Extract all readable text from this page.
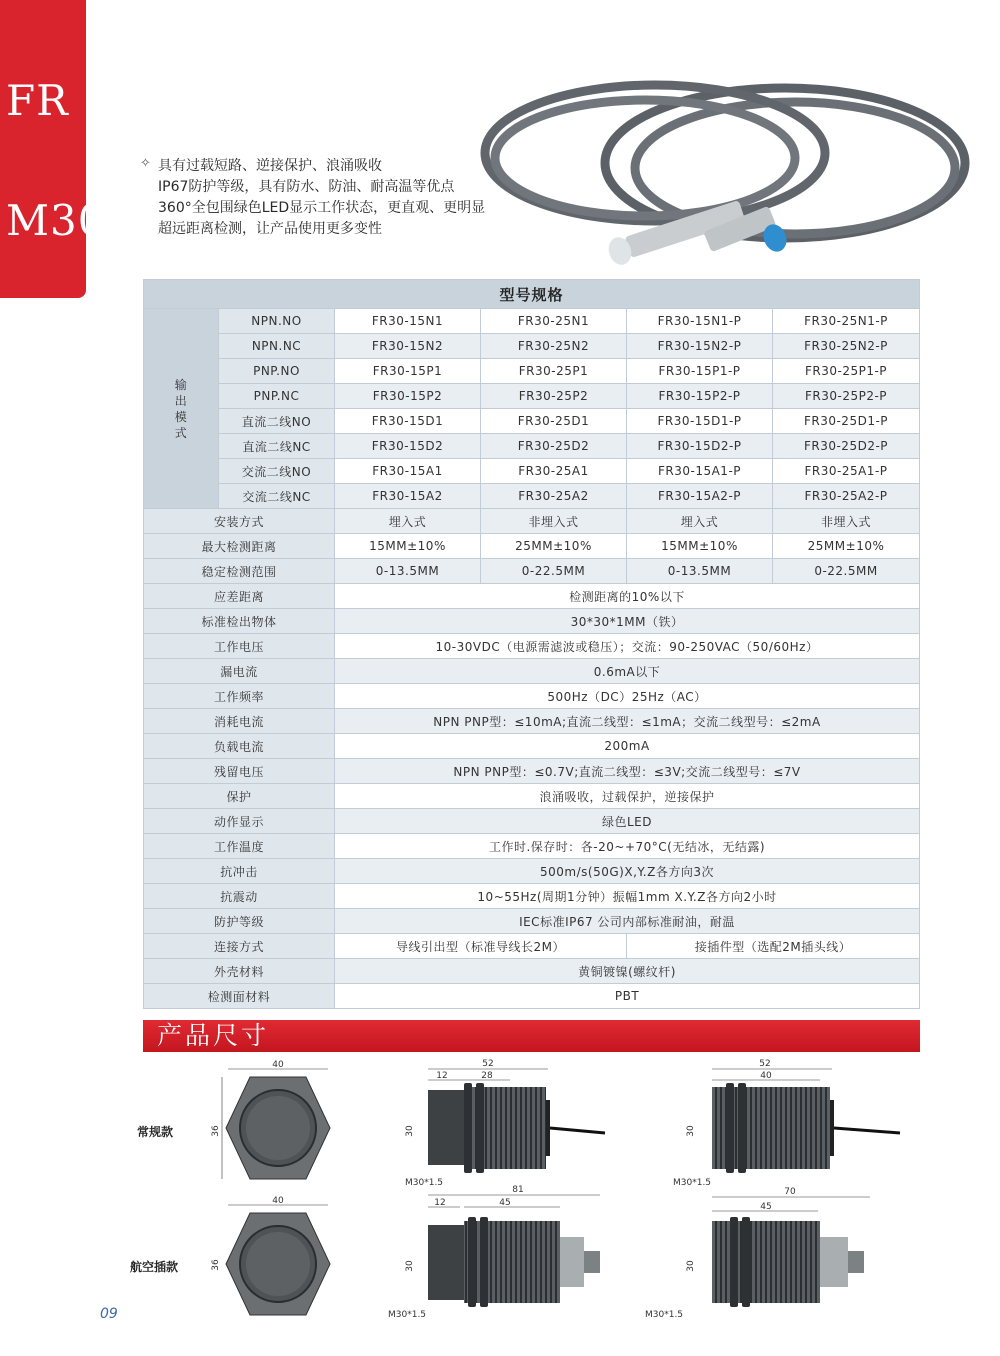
FR
M30
✧ 具有过载短路、逆接保护、浪涌吸收
IP67防护等级，具有防水、防油、耐高温等优点
360°全包围绿色LED显示工作状态，更直观、更明显
超远距离检测，让产品使用更多变性
型号规格					

输
出
模
式	NPN.NO	FR30-15N1	FR30-25N1	FR30-15N1-P	FR30-25N1-P
	NPN.NC	FR30-15N2	FR30-25N2	FR30-15N2-P	FR30-25N2-P
	PNP.NO	FR30-15P1	FR30-25P1	FR30-15P1-P	FR30-25P1-P
	PNP.NC	FR30-15P2	FR30-25P2	FR30-15P2-P	FR30-25P2-P
	直流二线NO	FR30-15D1	FR30-25D1	FR30-15D1-P	FR30-25D1-P
	直流二线NC	FR30-15D2	FR30-25D2	FR30-15D2-P	FR30-25D2-P
	交流二线NO	FR30-15A1	FR30-25A1	FR30-15A1-P	FR30-25A1-P
	交流二线NC	FR30-15A2	FR30-25A2	FR30-15A2-P	FR30-25A2-P
安装方式		埋入式	非埋入式	埋入式	非埋入式
最大检测距离		15MM±10%	25MM±10%	15MM±10%	25MM±10%
稳定检测范围		0-13.5MM	0-22.5MM	0-13.5MM	0-22.5MM
应差距离		检测距离的10%以下			
标准检出物体		30*30*1MM（铁）			
工作电压		10-30VDC（电源需滤波或稳压）；交流：90-250VAC（50/60Hz）			
漏电流		0.6mA以下			
工作频率		500Hz（DC）25Hz（AC）			
消耗电流		NPN PNP型：≤10mA;直流二线型：≤1mA；交流二线型号：≤2mA			
负载电流		200mA			
残留电压		NPN PNP型：≤0.7V;直流二线型：≤3V;交流二线型号：≤7V			
保护		浪涌吸收，过载保护，逆接保护			
动作显示		绿色LED			
工作温度		工作时.保存时：各-20~+70°C(无结冰，无结露)			
抗冲击		500m/s(50G)X,Y.Z各方向3次			
抗震动		10~55Hz(周期1分钟）振幅1mm X.Y.Z各方向2小时			
防护等级		IEC标准IP67 公司内部标准耐油，耐温			
连接方式		导线引出型（标准导线长2M）		接插件型（选配2M插头线）	
外壳材料		黄铜镀镍(螺纹杆)			
检测面材料		PBT			
产品尺寸
常规款
航空插款
40
36
52
12	28
30
M30*1.5
52
40
30
M30*1.5
40
36
81
45
12
30
M30*1.5
70
45
30
M30*1.5
09
